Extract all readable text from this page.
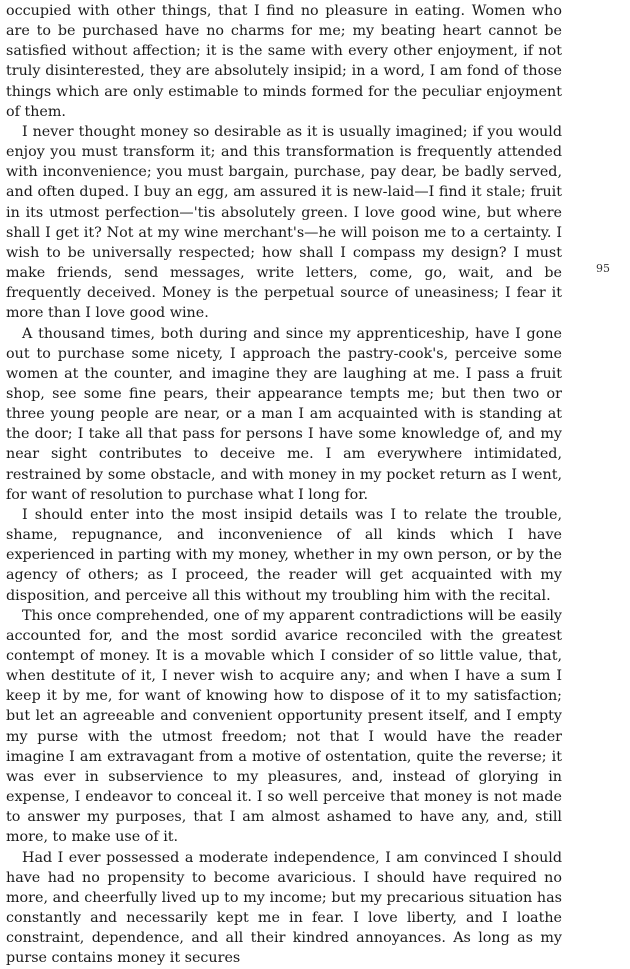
occupied with other things, that I find no pleasure in eating. Women who are to be purchased have no charms for me; my beating heart cannot be satisfied without affection; it is the same with every other enjoyment, if not truly disinterested, they are absolutely insipid; in a word, I am fond of those things which are only estimable to minds formed for the peculiar enjoyment of them.

I never thought money so desirable as it is usually imagined; if you would enjoy you must transform it; and this transformation is frequently attended with inconvenience; you must bargain, purchase, pay dear, be badly served, and often duped. I buy an egg, am assured it is new-laid—I find it stale; fruit in its utmost perfection—'tis absolutely green. I love good wine, but where shall I get it? Not at my wine merchant's—he will poison me to a certainty. I wish to be universally respected; how shall I compass my design? I must make friends, send messages, write letters, come, go, wait, and be frequently deceived. Money is the perpetual source of uneasiness; I fear it more than I love good wine.

A thousand times, both during and since my apprenticeship, have I gone out to purchase some nicety, I approach the pastry-cook's, perceive some women at the counter, and imagine they are laughing at me. I pass a fruit shop, see some fine pears, their appearance tempts me; but then two or three young people are near, or a man I am acquainted with is standing at the door; I take all that pass for persons I have some knowledge of, and my near sight contributes to deceive me. I am everywhere intimidated, restrained by some obstacle, and with money in my pocket return as I went, for want of resolution to purchase what I long for.

I should enter into the most insipid details was I to relate the trouble, shame, repugnance, and inconvenience of all kinds which I have experienced in parting with my money, whether in my own person, or by the agency of others; as I proceed, the reader will get acquainted with my disposition, and perceive all this without my troubling him with the recital.

This once comprehended, one of my apparent contradictions will be easily accounted for, and the most sordid avarice reconciled with the greatest contempt of money. It is a movable which I consider of so little value, that, when destitute of it, I never wish to acquire any; and when I have a sum I keep it by me, for want of knowing how to dispose of it to my satisfaction; but let an agreeable and convenient opportunity present itself, and I empty my purse with the utmost freedom; not that I would have the reader imagine I am extravagant from a motive of ostentation, quite the reverse; it was ever in subservience to my pleasures, and, instead of glorying in expense, I endeavor to conceal it. I so well perceive that money is not made to answer my purposes, that I am almost ashamed to have any, and, still more, to make use of it.

Had I ever possessed a moderate independence, I am convinced I should have had no propensity to become avaricious. I should have required no more, and cheerfully lived up to my income; but my precarious situation has constantly and necessarily kept me in fear. I love liberty, and I loathe constraint, dependence, and all their kindred annoyances. As long as my purse contains money it secures

95
